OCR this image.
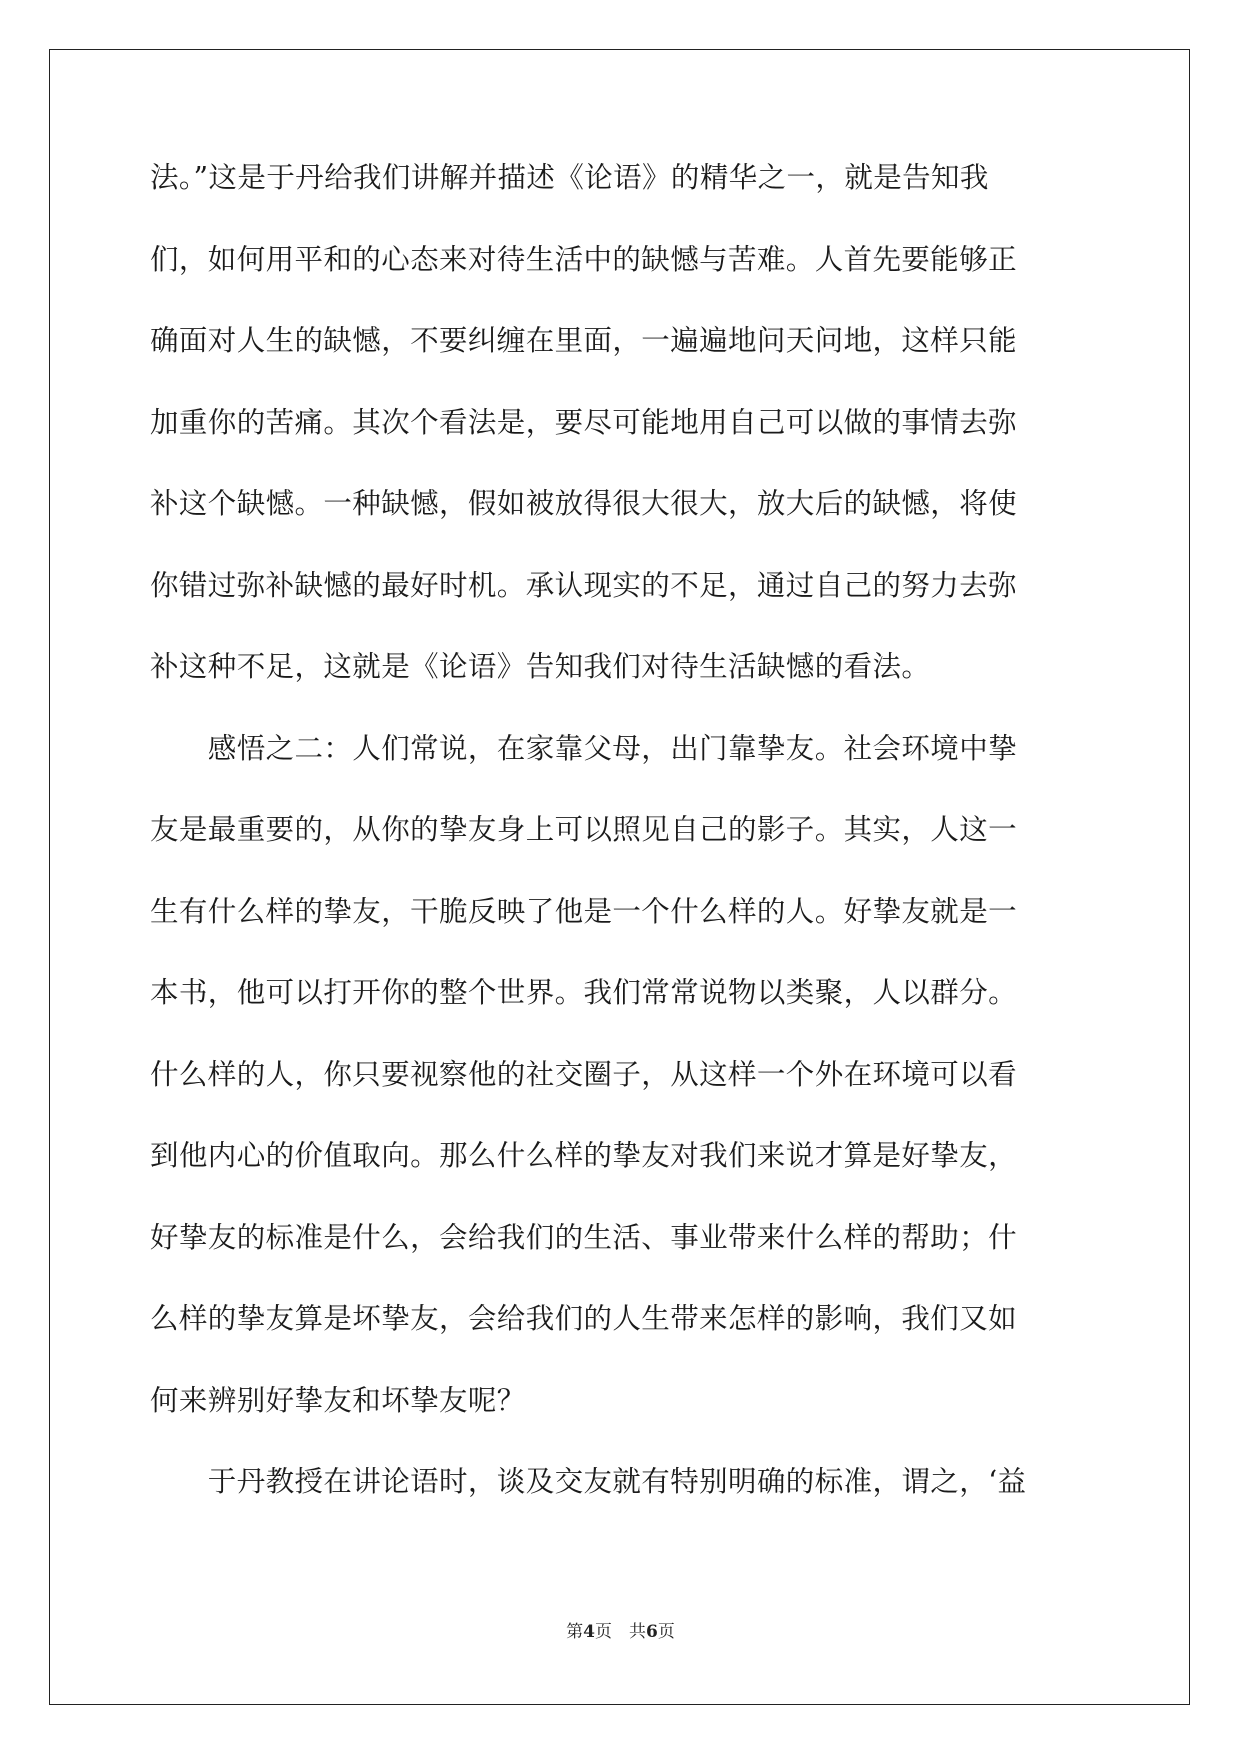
法。”这是于丹给我们讲解并描述《论语》的精华之一，就是告知我
们，如何用平和的心态来对待生活中的缺憾与苦难。人首先要能够正
确面对人生的缺憾，不要纠缠在里面，一遍遍地问天问地，这样只能
加重你的苦痛。其次个看法是，要尽可能地用自己可以做的事情去弥
补这个缺憾。一种缺憾，假如被放得很大很大，放大后的缺憾，将使
你错过弥补缺憾的最好时机。承认现实的不足，通过自己的努力去弥
补这种不足，这就是《论语》告知我们对待生活缺憾的看法。
　　感悟之二：人们常说，在家靠父母，出门靠挚友。社会环境中挚
友是最重要的，从你的挚友身上可以照见自己的影子。其实，人这一
生有什么样的挚友，干脆反映了他是一个什么样的人。好挚友就是一
本书，他可以打开你的整个世界。我们常常说物以类聚，人以群分。
什么样的人，你只要视察他的社交圈子，从这样一个外在环境可以看
到他内心的价值取向。那么什么样的挚友对我们来说才算是好挚友，
好挚友的标准是什么，会给我们的生活、事业带来什么样的帮助；什
么样的挚友算是坏挚友，会给我们的人生带来怎样的影响，我们又如
何来辨别好挚友和坏挚友呢？
　　于丹教授在讲论语时，谈及交友就有特别明确的标准，谓之，‘益
第4页　共6页
